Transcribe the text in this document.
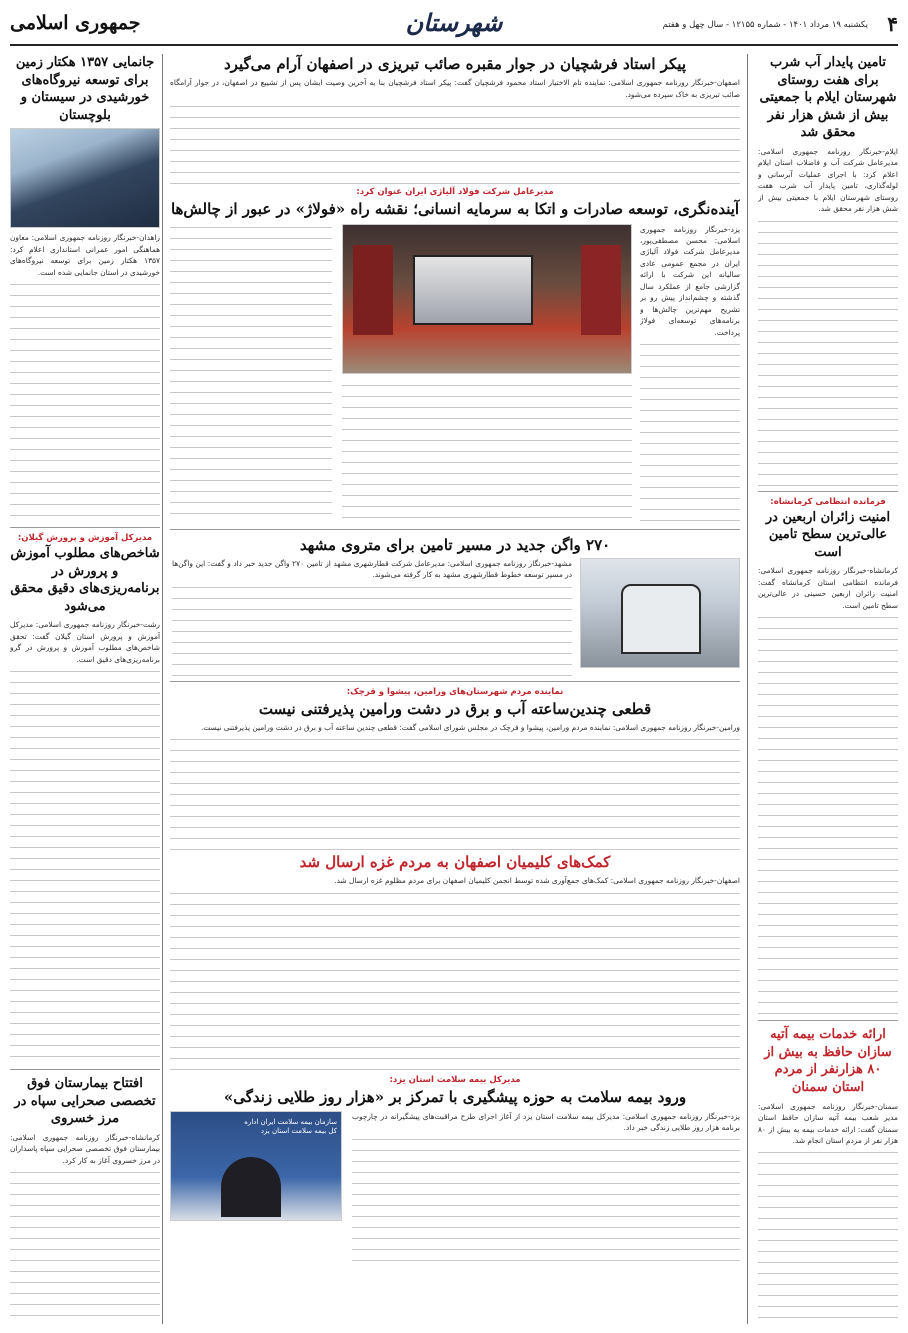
۴
یکشنبه ۱۹ مرداد ۱۴۰۱ - شماره ۱۲۱۵۵ - سال چهل و هفتم
شهرستان
جمهوری اسلامی
تامین پایدار آب شرب برای هفت روستای شهرستان ایلام با جمعیتی بیش از شش هزار نفر محقق شد

ایلام-خبرنگار روزنامه جمهوری اسلامی: مدیرعامل شرکت آب و فاضلاب استان ایلام اعلام کرد: با اجرای عملیات آبرسانی و لوله‌گذاری، تامین پایدار آب شرب هفت روستای شهرستان ایلام با جمعیتی بیش از شش هزار نفر محقق شد.

فرمانده انتظامی کرمانشاه:
امنیت زائران اربعین در عالی‌ترین سطح تامین است

کرمانشاه-خبرنگار روزنامه جمهوری اسلامی: فرمانده انتظامی استان کرمانشاه گفت: امنیت زائران اربعین حسینی در عالی‌ترین سطح تامین است.

ارائه خدمات بیمه آتیه سازان حافظ به بیش از ۸۰ هزارنفر از مردم استان سمنان

سمنان-خبرنگار روزنامه جمهوری اسلامی: مدیر شعب بیمه آتیه سازان حافظ استان سمنان گفت: ارائه خدمات بیمه به بیش از ۸۰ هزار نفر از مردم استان انجام شد.

پیکر استاد فرشچیان در جوار مقبره صائب تبریزی در اصفهان آرام می‌گیرد

اصفهان-خبرنگار روزنامه جمهوری اسلامی: نماینده تام الاختیار استاد محمود فرشچیان گفت: پیکر استاد فرشچیان بنا به آخرین وصیت ایشان پس از تشییع در اصفهان، در جوار آرامگاه صائب تبریزی به خاک سپرده می‌شود.

مدیرعامل شرکت فولاد آلیاژی ایران عنوان کرد:
آینده‌نگری، توسعه صادرات و اتکا به سرمایه انسانی؛ نقشه راه «فولاژ» در عبور از چالش‌ها

یزد-خبرنگار روزنامه جمهوری اسلامی: محسن مصطفی‌پور، مدیرعامل شرکت فولاد آلیاژی ایران در مجمع عمومی عادی سالیانه این شرکت با ارائه گزارشی جامع از عملکرد سال گذشته و چشم‌انداز پیش رو بر تشریح مهم‌ترین چالش‌ها و برنامه‌های توسعه‌ای فولاژ پرداخت.

۲۷۰ واگن جدید در مسیر تامین برای متروی مشهد

مشهد-خبرنگار روزنامه جمهوری اسلامی: مدیرعامل شرکت قطارشهری مشهد از تامین ۲۷۰ واگن جدید خبر داد و گفت: این واگن‌ها در مسیر توسعه خطوط قطارشهری مشهد به کار گرفته می‌شوند.

نماینده مردم شهرستان‌های ورامین، پیشوا و قرچک:
قطعی چندین‌ساعته آب و برق در دشت ورامین پذیرفتنی نیست

ورامین-خبرنگار روزنامه جمهوری اسلامی: نماینده مردم ورامین، پیشوا و قرچک در مجلس شورای اسلامی گفت: قطعی چندین ساعته آب و برق در دشت ورامین پذیرفتنی نیست.

کمک‌های کلیمیان اصفهان به مردم غزه ارسال شد

اصفهان-خبرنگار روزنامه جمهوری اسلامی: کمک‌های جمع‌آوری شده توسط انجمن کلیمیان اصفهان برای مردم مظلوم غزه ارسال شد.

مدیرکل بیمه سلامت استان یزد:
ورود بیمه سلامت به حوزه پیشگیری با تمرکز بر «هزار روز طلایی زندگی»

یزد-خبرنگار روزنامه جمهوری اسلامی: مدیرکل بیمه سلامت استان یزد از آغاز اجرای طرح مراقبت‌های پیشگیرانه در چارچوب برنامه هزار روز طلایی زندگی خبر داد.

سازمان بیمه سلامت ایران اداره کل بیمه سلامت استان یزد
جانمایی ۱۳۵۷ هکتار زمین برای توسعه نیروگاه‌های خورشیدی در سیستان و بلوچستان

زاهدان-خبرنگار روزنامه جمهوری اسلامی: معاون هماهنگی امور عمرانی استانداری اعلام کرد: ۱۳۵۷ هکتار زمین برای توسعه نیروگاه‌های خورشیدی در استان جانمایی شده است.

مدیرکل آموزش و پرورش گیلان:
شاخص‌های مطلوب آموزش و پرورش در برنامه‌ریزی‌های دقیق محقق می‌شود

رشت-خبرنگار روزنامه جمهوری اسلامی: مدیرکل آموزش و پرورش استان گیلان گفت: تحقق شاخص‌های مطلوب آموزش و پرورش در گرو برنامه‌ریزی‌های دقیق است.

افتتاح بیمارستان فوق تخصصی صحرایی سپاه در مرز خسروی

کرمانشاه-خبرنگار روزنامه جمهوری اسلامی: بیمارستان فوق تخصصی صحرایی سپاه پاسداران در مرز خسروی آغاز به کار کرد.
